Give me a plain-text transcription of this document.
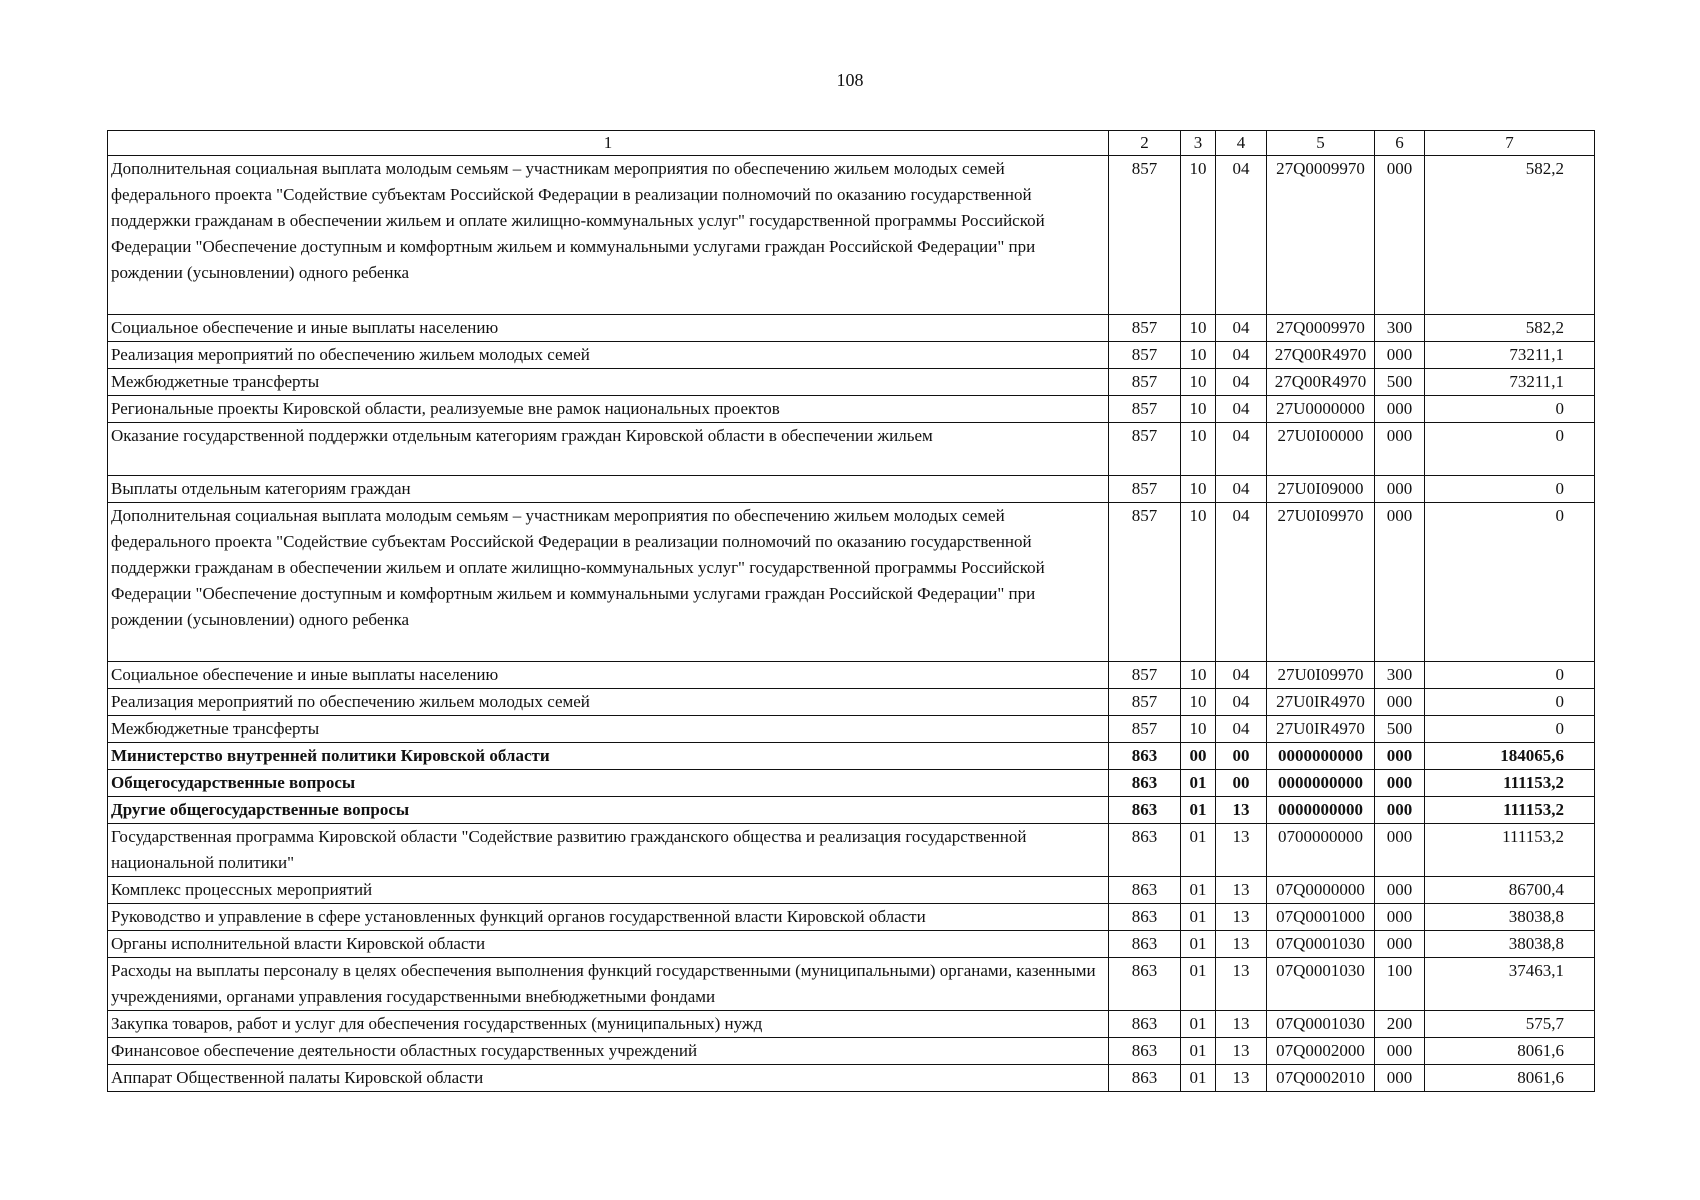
108
1	2	3	4	5	6	7
Дополнительная социальная выплата молодым семьям – участникам мероприятия по обеспечению жильем молодых семей федерального проекта "Содействие субъектам Российской Федерации в реализации полномочий по оказанию государственной поддержки гражданам в обеспечении жильем и оплате жилищно-коммунальных услуг" государственной программы Российской Федерации "Обеспечение доступным и комфортным жильем и коммунальными услугами граждан Российской Федерации" при рождении (усыновлении) одного ребенка	857	10	04	27Q0009970	000	582,2
Социальное обеспечение и иные выплаты населению	857	10	04	27Q0009970	300	582,2
Реализация мероприятий по обеспечению жильем молодых семей	857	10	04	27Q00R4970	000	73211,1
Межбюджетные трансферты	857	10	04	27Q00R4970	500	73211,1
Региональные проекты Кировской области, реализуемые вне рамок национальных проектов	857	10	04	27U0000000	000	0
Оказание государственной поддержки отдельным категориям граждан Кировской области в обеспечении жильем	857	10	04	27U0I00000	000	0
Выплаты отдельным категориям граждан	857	10	04	27U0I09000	000	0
Дополнительная социальная выплата молодым семьям – участникам мероприятия по обеспечению жильем молодых семей федерального проекта "Содействие субъектам Российской Федерации в реализации полномочий по оказанию государственной поддержки гражданам в обеспечении жильем и оплате жилищно-коммунальных услуг" государственной программы Российской Федерации "Обеспечение доступным и комфортным жильем и коммунальными услугами граждан Российской Федерации" при рождении (усыновлении) одного ребенка	857	10	04	27U0I09970	000	0
Социальное обеспечение и иные выплаты населению	857	10	04	27U0I09970	300	0
Реализация мероприятий по обеспечению жильем молодых семей	857	10	04	27U0IR4970	000	0
Межбюджетные трансферты	857	10	04	27U0IR4970	500	0
Министерство внутренней политики Кировской области	863	00	00	0000000000	000	184065,6
Общегосударственные вопросы	863	01	00	0000000000	000	111153,2
Другие общегосударственные вопросы	863	01	13	0000000000	000	111153,2
Государственная программа Кировской области "Содействие развитию гражданского общества и реализация государственной национальной политики"	863	01	13	0700000000	000	111153,2
Комплекс процессных мероприятий	863	01	13	07Q0000000	000	86700,4
Руководство и управление в сфере установленных функций органов государственной власти Кировской области	863	01	13	07Q0001000	000	38038,8
Органы исполнительной власти Кировской области	863	01	13	07Q0001030	000	38038,8
Расходы на выплаты персоналу в целях обеспечения выполнения функций государственными (муниципальными) органами, казенными учреждениями, органами управления государственными внебюджетными фондами	863	01	13	07Q0001030	100	37463,1
Закупка товаров, работ и услуг для обеспечения государственных (муниципальных) нужд	863	01	13	07Q0001030	200	575,7
Финансовое обеспечение деятельности областных государственных учреждений	863	01	13	07Q0002000	000	8061,6
Аппарат Общественной палаты Кировской области	863	01	13	07Q0002010	000	8061,6
